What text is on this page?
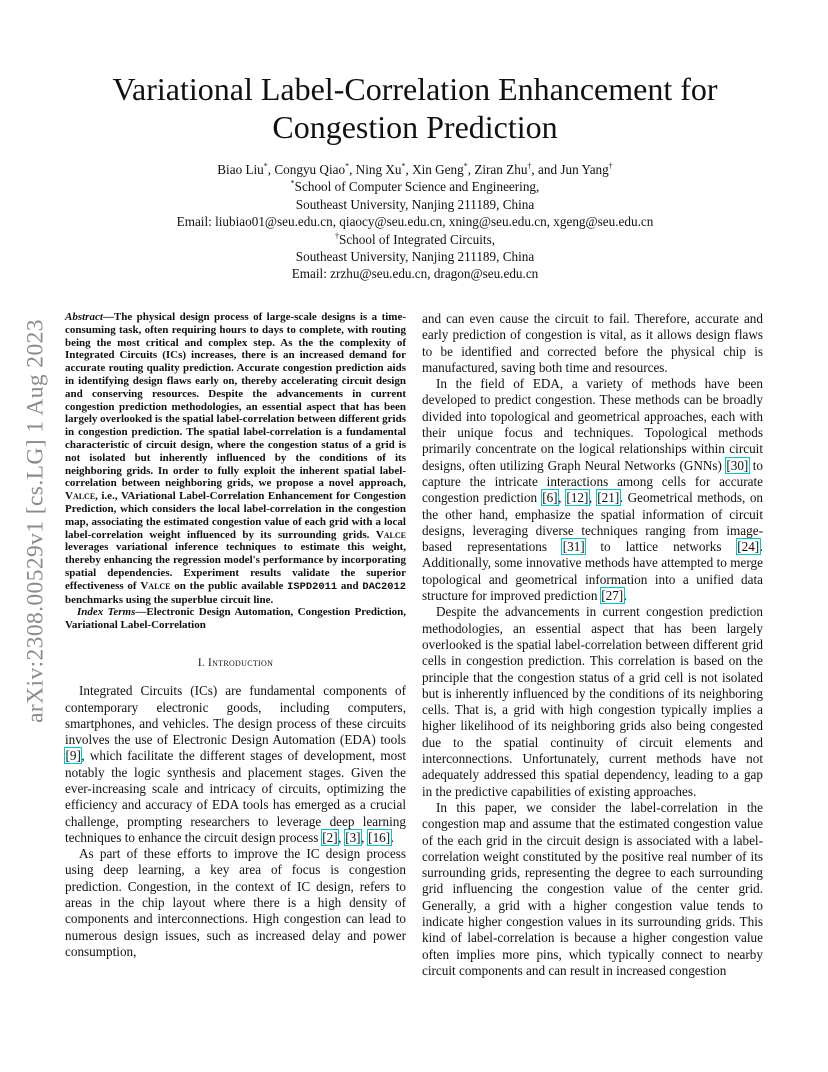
arXiv:2308.00529v1 [cs.LG] 1 Aug 2023
Variational Label-Correlation Enhancement for
Congestion Prediction
Biao Liu*, Congyu Qiao*, Ning Xu*, Xin Geng*, Ziran Zhu†, and Jun Yang†
*School of Computer Science and Engineering,
Southeast University, Nanjing 211189, China
Email: liubiao01@seu.edu.cn, qiaocy@seu.edu.cn, xning@seu.edu.cn, xgeng@seu.edu.cn
†School of Integrated Circuits,
Southeast University, Nanjing 211189, China
Email: zrzhu@seu.edu.cn, dragon@seu.edu.cn

Abstract—The physical design process of large-scale designs is a time-consuming task, often requiring hours to days to complete, with routing being the most critical and complex step. As the the complexity of Integrated Circuits (ICs) increases, there is an increased demand for accurate routing quality prediction. Accurate congestion prediction aids in identifying design flaws early on, thereby accelerating circuit design and conserving resources. Despite the advancements in current congestion prediction methodologies, an essential aspect that has been largely overlooked is the spatial label-correlation between different grids in congestion prediction. The spatial label-correlation is a fundamental characteristic of circuit design, where the congestion status of a grid is not isolated but inherently influenced by the conditions of its neighboring grids. In order to fully exploit the inherent spatial label-correlation between neighboring grids, we propose a novel approach, Valce, i.e., VAriational Label-Correlation Enhancement for Congestion Prediction, which considers the local label-correlation in the congestion map, associating the estimated congestion value of each grid with a local label-correlation weight influenced by its surrounding grids. Valce leverages variational inference techniques to estimate this weight, thereby enhancing the regression model's performance by incorporating spatial dependencies. Experiment results validate the superior effectiveness of Valce on the public available ISPD2011 and DAC2012 benchmarks using the superblue circuit line.

Index Terms—Electronic Design Automation, Congestion Prediction, Variational Label-Correlation

I. Introduction

Integrated Circuits (ICs) are fundamental components of contemporary electronic goods, including computers, smartphones, and vehicles. The design process of these circuits involves the use of Electronic Design Automation (EDA) tools [9], which facilitate the different stages of development, most notably the logic synthesis and placement stages. Given the ever-increasing scale and intricacy of circuits, optimizing the efficiency and accuracy of EDA tools has emerged as a crucial challenge, prompting researchers to leverage deep learning techniques to enhance the circuit design process [2], [3], [16].

As part of these efforts to improve the IC design process using deep learning, a key area of focus is congestion prediction. Congestion, in the context of IC design, refers to areas in the chip layout where there is a high density of components and interconnections. High congestion can lead to numerous design issues, such as increased delay and power consumption,

and can even cause the circuit to fail. Therefore, accurate and early prediction of congestion is vital, as it allows design flaws to be identified and corrected before the physical chip is manufactured, saving both time and resources.

In the field of EDA, a variety of methods have been developed to predict congestion. These methods can be broadly divided into topological and geometrical approaches, each with their unique focus and techniques. Topological methods primarily concentrate on the logical relationships within circuit designs, often utilizing Graph Neural Networks (GNNs) [30] to capture the intricate interactions among cells for accurate congestion prediction [6], [12], [21]. Geometrical methods, on the other hand, emphasize the spatial information of circuit designs, leveraging diverse techniques ranging from image-based representations [31] to lattice networks [24]. Additionally, some innovative methods have attempted to merge topological and geometrical information into a unified data structure for improved prediction [27].

Despite the advancements in current congestion prediction methodologies, an essential aspect that has been largely overlooked is the spatial label-correlation between different grid cells in congestion prediction. This correlation is based on the principle that the congestion status of a grid cell is not isolated but is inherently influenced by the conditions of its neighboring cells. That is, a grid with high congestion typically implies a higher likelihood of its neighboring grids also being congested due to the spatial continuity of circuit elements and interconnections. Unfortunately, current methods have not adequately addressed this spatial dependency, leading to a gap in the predictive capabilities of existing approaches.

In this paper, we consider the label-correlation in the congestion map and assume that the estimated congestion value of the each grid in the circuit design is associated with a label-correlation weight constituted by the positive real number of its surrounding grids, representing the degree to each surrounding grid influencing the congestion value of the center grid. Generally, a grid with a higher congestion value tends to indicate higher congestion values in its surrounding grids. This kind of label-correlation is because a higher congestion value often implies more pins, which typically connect to nearby circuit components and can result in increased congestion
